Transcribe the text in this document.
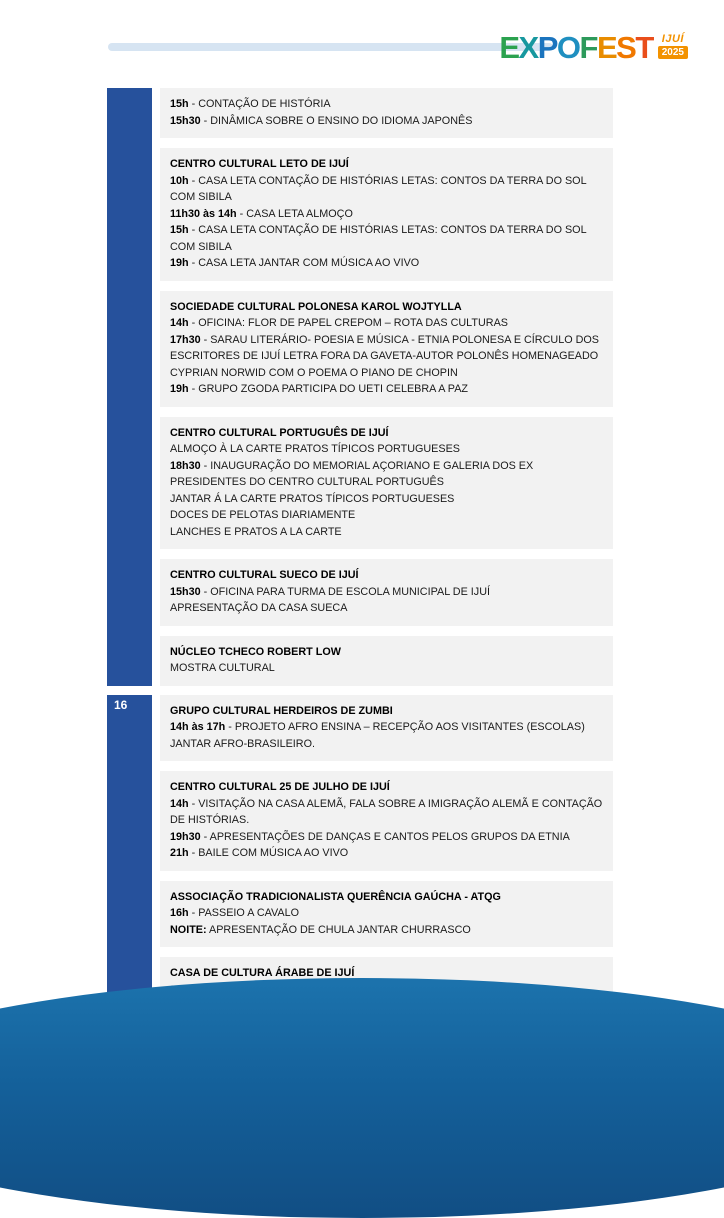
EXPOFEST IJUÍ
2025
15h - CONTAÇÃO DE HISTÓRIA
15h30 - DINÂMICA SOBRE O ENSINO DO IDIOMA JAPONÊS
CENTRO CULTURAL LETO DE IJUÍ
10h - CASA LETA CONTAÇÃO DE HISTÓRIAS LETAS: CONTOS DA TERRA DO SOL COM SIBILA
11h30 às 14h - CASA LETA ALMOÇO
15h - CASA LETA CONTAÇÃO DE HISTÓRIAS LETAS: CONTOS DA TERRA DO SOL COM SIBILA
19h - CASA LETA JANTAR COM MÚSICA AO VIVO
SOCIEDADE CULTURAL POLONESA KAROL WOJTYLLA
14h - OFICINA: FLOR DE PAPEL CREPOM – ROTA DAS CULTURAS
17h30 - SARAU LITERÁRIO- POESIA E MÚSICA - ETNIA POLONESA E CÍRCULO DOS ESCRITORES DE IJUÍ LETRA FORA DA GAVETA-AUTOR POLONÊS HOMENAGEADO CYPRIAN NORWID COM O POEMA O PIANO DE CHOPIN
19h - GRUPO ZGODA PARTICIPA DO UETI CELEBRA A PAZ
CENTRO CULTURAL PORTUGUÊS DE IJUÍ
ALMOÇO À LA CARTE PRATOS TÍPICOS PORTUGUESES
18h30 - INAUGURAÇÃO DO MEMORIAL AÇORIANO E GALERIA DOS EX PRESIDENTES DO CENTRO CULTURAL PORTUGUÊS
JANTAR Á LA CARTE PRATOS TÍPICOS PORTUGUESES
DOCES DE PELOTAS DIARIAMENTE
LANCHES E PRATOS A LA CARTE
CENTRO CULTURAL SUECO DE IJUÍ
15h30 - OFICINA PARA TURMA DE ESCOLA MUNICIPAL DE IJUÍ
APRESENTAÇÃO DA CASA SUECA
NÚCLEO TCHECO ROBERT LOW
MOSTRA CULTURAL
16	GRUPO CULTURAL HERDEIROS DE ZUMBI
14h às 17h - PROJETO AFRO ENSINA – RECEPÇÃO AOS VISITANTES (ESCOLAS)
JANTAR AFRO-BRASILEIRO.
CENTRO CULTURAL 25 DE JULHO DE IJUÍ
14h - VISITAÇÃO NA CASA ALEMÃ, FALA SOBRE A IMIGRAÇÃO ALEMÃ E CONTAÇÃO DE HISTÓRIAS.
19h30 - APRESENTAÇÕES DE DANÇAS E CANTOS PELOS GRUPOS DA ETNIA
21h - BAILE COM MÚSICA AO VIVO
ASSOCIAÇÃO TRADICIONALISTA QUERÊNCIA GAÚCHA - ATQG
16h - PASSEIO A CAVALO
NOITE: APRESENTAÇÃO DE CHULA JANTAR CHURRASCO
CASA DE CULTURA ÁRABE DE IJUÍ
